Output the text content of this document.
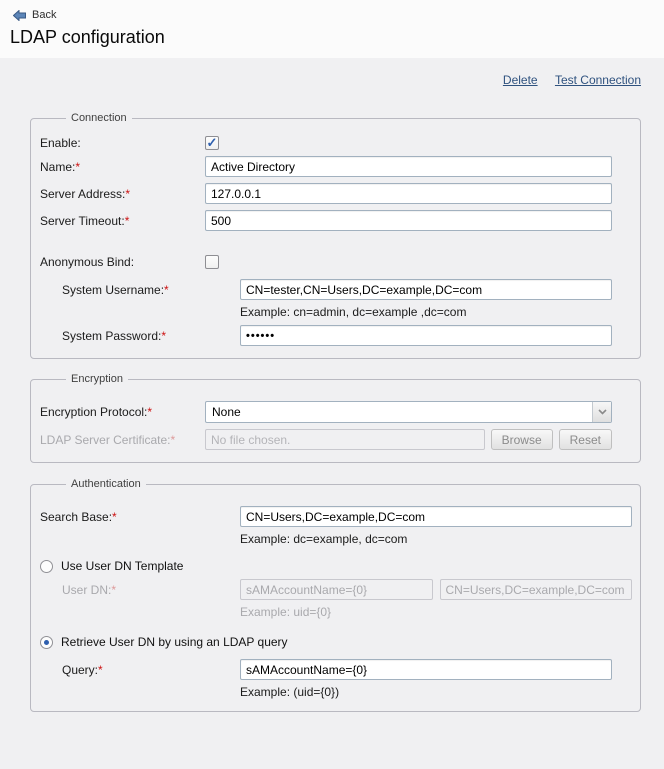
Back
LDAP configuration
Delete Test Connection
Connection
Enable:	✓
Name:*
Active Directory
Server Address:*
127.0.0.1
Server Timeout:*
500
Anonymous Bind:
System Username:*
CN=tester,CN=Users,DC=example,DC=com
Example: cn=admin, dc=example ,dc=com
System Password:*
••••••
Encryption
Encryption Protocol:*	None
LDAP Server Certificate:*
No file chosen.	Browse	Reset
Authentication
Search Base:*
CN=Users,DC=example,DC=com
Example: dc=example, dc=com
Use User DN Template
User DN:*
sAMAccountName={0}
CN=Users,DC=example,DC=com
Example: uid={0}
Retrieve User DN by using an LDAP query
Query:*
sAMAccountName={0}
Example: (uid={0})
